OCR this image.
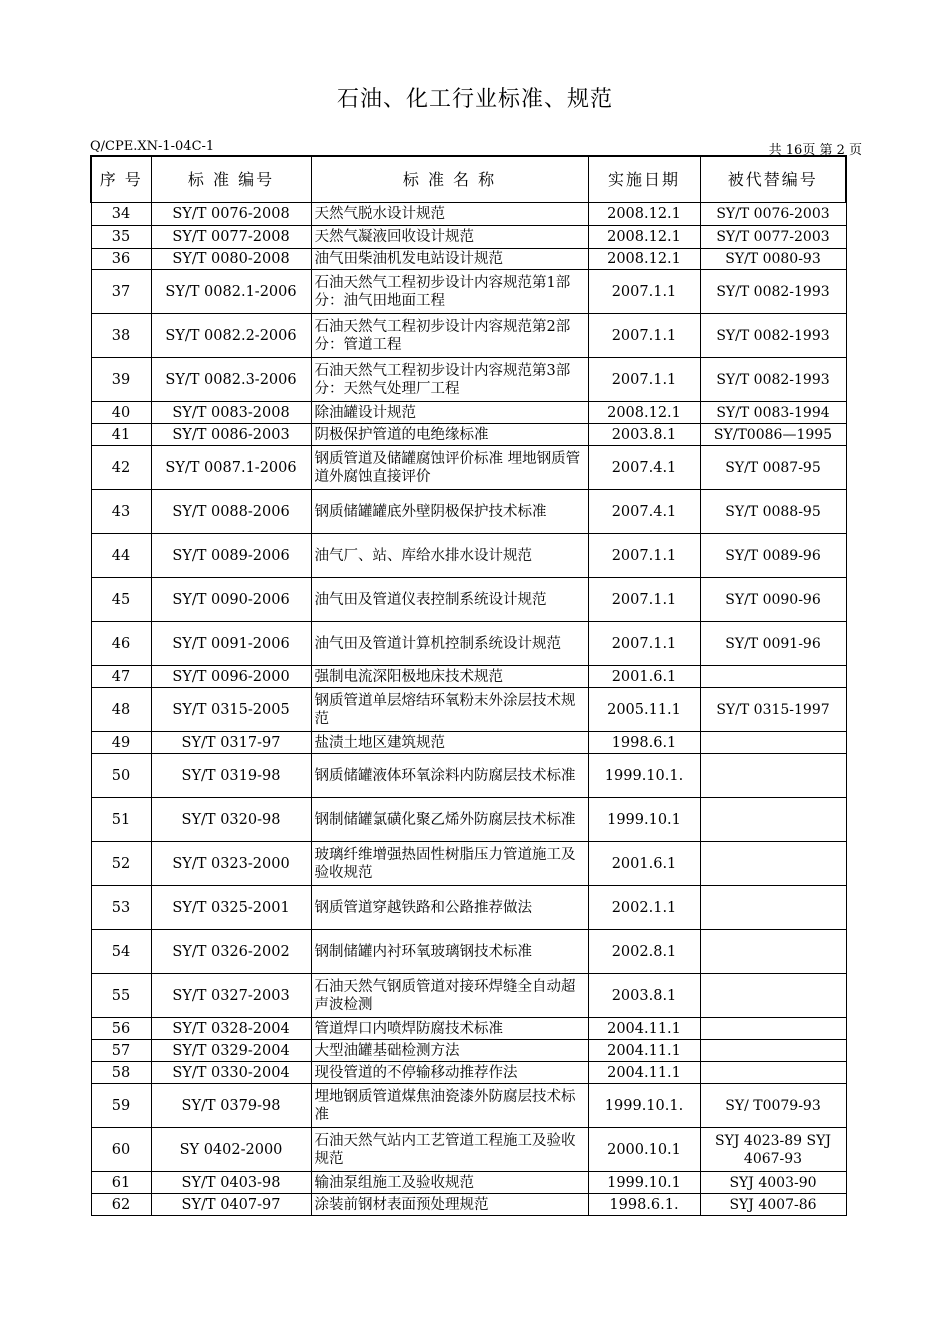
石油、化工行业标准、规范
Q/CPE.XN-1-04C-1	共 16页 第 2 页
序 号	标 准 编号	标 准 名 称	实施日期	被代替编号
34	SY/T 0076-2008	天然气脱水设计规范	2008.12.1	SY/T 0076-2003
35	SY/T 0077-2008	天然气凝液回收设计规范	2008.12.1	SY/T 0077-2003
36	SY/T 0080-2008	油气田柴油机发电站设计规范	2008.12.1	SY/T 0080-93
37	SY/T 0082.1-2006	石油天然气工程初步设计内容规范第1部分：油气田地面工程	2007.1.1	SY/T 0082-1993
38	SY/T 0082.2-2006	石油天然气工程初步设计内容规范第2部分：管道工程	2007.1.1	SY/T 0082-1993
39	SY/T 0082.3-2006	石油天然气工程初步设计内容规范第3部分：天然气处理厂工程	2007.1.1	SY/T 0082-1993
40	SY/T 0083-2008	除油罐设计规范	2008.12.1	SY/T 0083-1994
41	SY/T 0086-2003	阴极保护管道的电绝缘标准	2003.8.1	SY/T0086—1995
42	SY/T 0087.1-2006	钢质管道及储罐腐蚀评价标准 埋地钢质管道外腐蚀直接评价	2007.4.1	SY/T 0087-95
43	SY/T 0088-2006	钢质储罐罐底外壁阴极保护技术标准	2007.4.1	SY/T 0088-95
44	SY/T 0089-2006	油气厂、站、库给水排水设计规范	2007.1.1	SY/T 0089-96
45	SY/T 0090-2006	油气田及管道仪表控制系统设计规范	2007.1.1	SY/T 0090-96
46	SY/T 0091-2006	油气田及管道计算机控制系统设计规范	2007.1.1	SY/T 0091-96
47	SY/T 0096-2000	强制电流深阳极地床技术规范	2001.6.1	
48	SY/T 0315-2005	钢质管道单层熔结环氧粉末外涂层技术规范	2005.11.1	SY/T 0315-1997
49	SY/T 0317-97	盐渍土地区建筑规范	1998.6.1	
50	SY/T 0319-98	钢质储罐液体环氧涂料内防腐层技术标准	1999.10.1.	
51	SY/T 0320-98	钢制储罐氯磺化聚乙烯外防腐层技术标准	1999.10.1	
52	SY/T 0323-2000	玻璃纤维增强热固性树脂压力管道施工及验收规范	2001.6.1	
53	SY/T 0325-2001	钢质管道穿越铁路和公路推荐做法	2002.1.1	
54	SY/T 0326-2002	钢制储罐内衬环氧玻璃钢技术标准	2002.8.1	
55	SY/T 0327-2003	石油天然气钢质管道对接环焊缝全自动超声波检测	2003.8.1	
56	SY/T 0328-2004	管道焊口内喷焊防腐技术标准	2004.11.1	
57	SY/T 0329-2004	大型油罐基础检测方法	2004.11.1	
58	SY/T 0330-2004	现役管道的不停输移动推荐作法	2004.11.1	
59	SY/T 0379-98	埋地钢质管道煤焦油瓷漆外防腐层技术标准	1999.10.1.	SY/ T0079-93
60	SY 0402-2000	石油天然气站内工艺管道工程施工及验收规范	2000.10.1	SYJ 4023-89 SYJ 4067-93
61	SY/T 0403-98	输油泵组施工及验收规范	1999.10.1	SYJ 4003-90
62	SY/T 0407-97	涂装前钢材表面预处理规范	1998.6.1.	SYJ 4007-86
